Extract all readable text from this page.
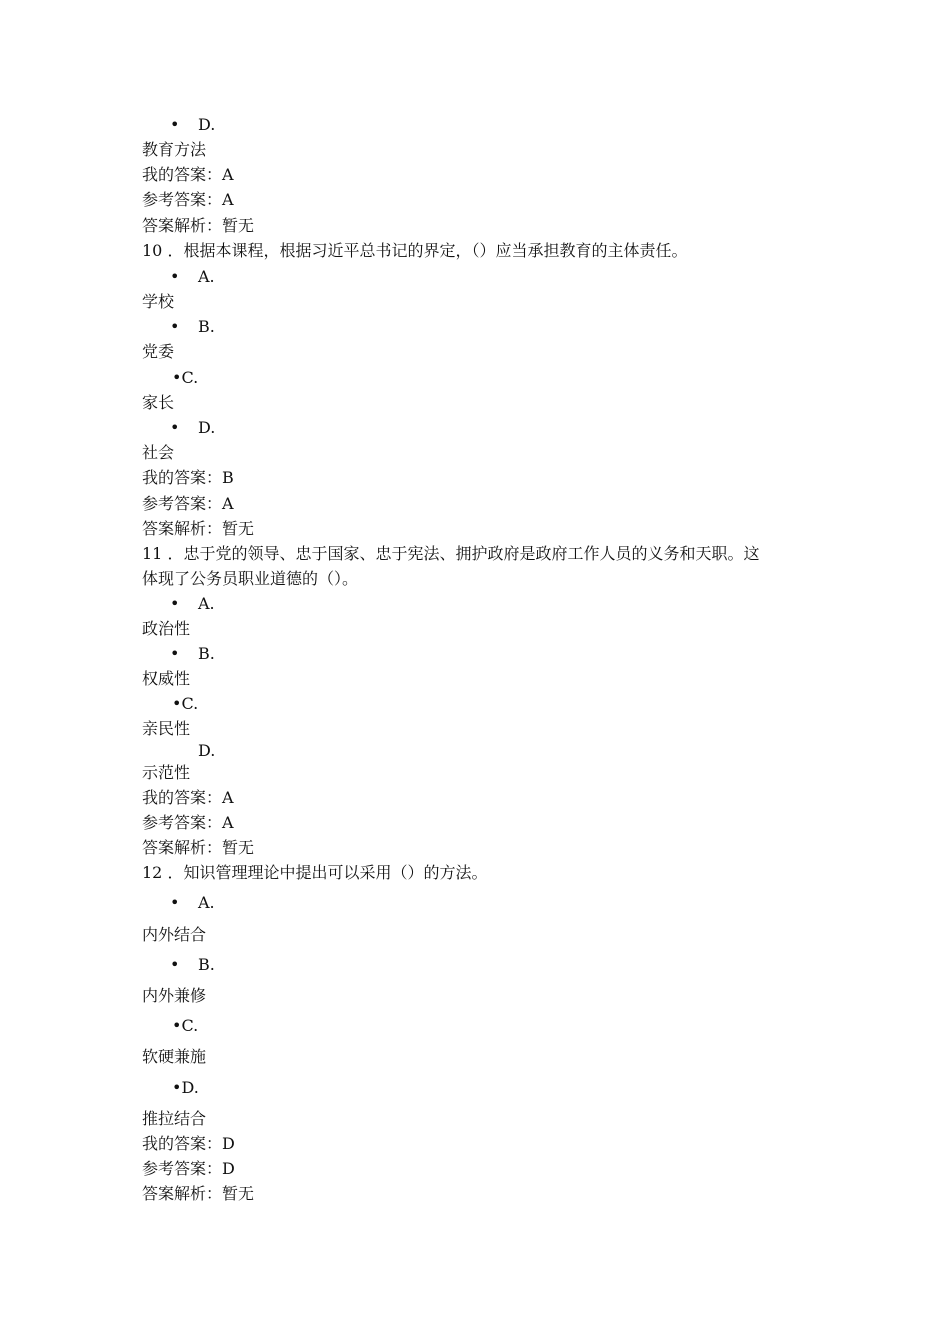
• D.
教育方法
我的答案：A
参考答案：A
答案解析：暂无
10 ．根据本课程，根据习近平总书记的界定，（）应当承担教育的主体责任。
• A.
学校
• B.
党委
•C.
家长
• D.
社会
我的答案：B
参考答案：A
答案解析：暂无
11 ．忠于党的领导、忠于国家、忠于宪法、拥护政府是政府工作人员的义务和天职。这
体现了公务员职业道德的（）。
• A.
政治性
• B.
权威性
•C.
亲民性
D.
示范性
我的答案：A
参考答案：A
答案解析：暂无
12 ．知识管理理论中提出可以采用（）的方法。
• A.
内外结合
• B.
内外兼修
•C.
软硬兼施
•D.
推拉结合
我的答案：D
参考答案：D
答案解析：暂无
